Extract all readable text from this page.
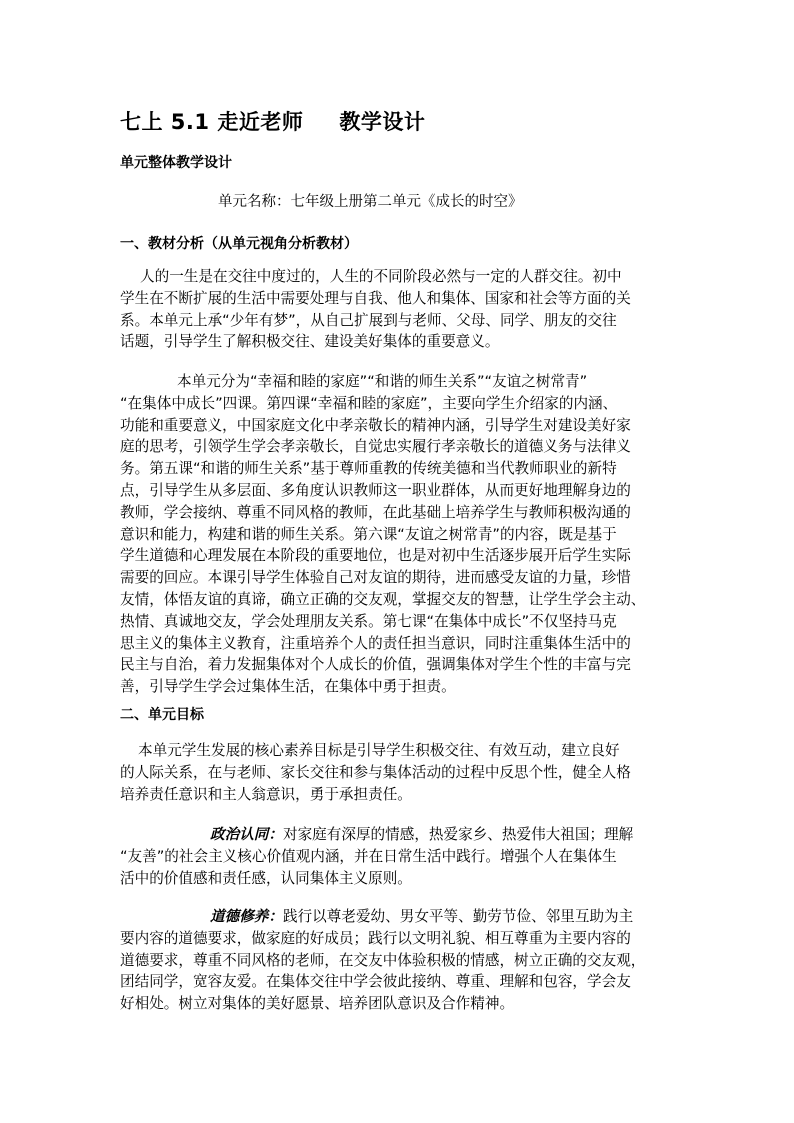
七上 5.1 走近老师 教学设计

单元整体教学设计

单元名称：七年级上册第二单元《成长的时空》

一、教材分析（从单元视角分析教材）

人的一生是在交往中度过的，人生的不同阶段必然与一定的人群交往。初中
学生在不断扩展的生活中需要处理与自我、他人和集体、国家和社会等方面的关
系。本单元上承“少年有梦”，从自己扩展到与老师、父母、同学、朋友的交往
话题，引导学生了解积极交往、建设美好集体的重要意义。
本单元分为“幸福和睦的家庭”“和谐的师生关系”“友谊之树常青”
“在集体中成长”四课。第四课“幸福和睦的家庭”，主要向学生介绍家的内涵、
功能和重要意义，中国家庭文化中孝亲敬长的精神内涵，引导学生对建设美好家
庭的思考，引领学生学会孝亲敬长，自觉忠实履行孝亲敬长的道德义务与法律义
务。第五课“和谐的师生关系”基于尊师重教的传统美德和当代教师职业的新特
点，引导学生从多层面、多角度认识教师这一职业群体，从而更好地理解身边的
教师，学会接纳、尊重不同风格的教师，在此基础上培养学生与教师积极沟通的
意识和能力，构建和谐的师生关系。第六课“友谊之树常青”的内容，既是基于
学生道德和心理发展在本阶段的重要地位，也是对初中生活逐步展开后学生实际
需要的回应。本课引导学生体验自己对友谊的期待，进而感受友谊的力量，珍惜
友情，体悟友谊的真谛，确立正确的交友观，掌握交友的智慧，让学生学会主动、
热情、真诚地交友，学会处理朋友关系。第七课“在集体中成长”不仅坚持马克
思主义的集体主义教育，注重培养个人的责任担当意识，同时注重集体生活中的
民主与自治，着力发掘集体对个人成长的价值，强调集体对学生个性的丰富与完
善，引导学生学会过集体生活，在集体中勇于担责。

二、单元目标

本单元学生发展的核心素养目标是引导学生积极交往、有效互动，建立良好
的人际关系，在与老师、家长交往和参与集体活动的过程中反思个性，健全人格
培养责任意识和主人翁意识，勇于承担责任。
政治认同：对家庭有深厚的情感，热爱家乡、热爱伟大祖国；理解
“友善”的社会主义核心价值观内涵，并在日常生活中践行。增强个人在集体生
活中的价值感和责任感，认同集体主义原则。
道德修养：践行以尊老爱幼、男女平等、勤劳节俭、邻里互助为主
要内容的道德要求，做家庭的好成员；践行以文明礼貌、相互尊重为主要内容的
道德要求，尊重不同风格的老师，在交友中体验积极的情感，树立正确的交友观，
团结同学，宽容友爱。在集体交往中学会彼此接纳、尊重、理解和包容，学会友
好相处。树立对集体的美好愿景、培养团队意识及合作精神。
